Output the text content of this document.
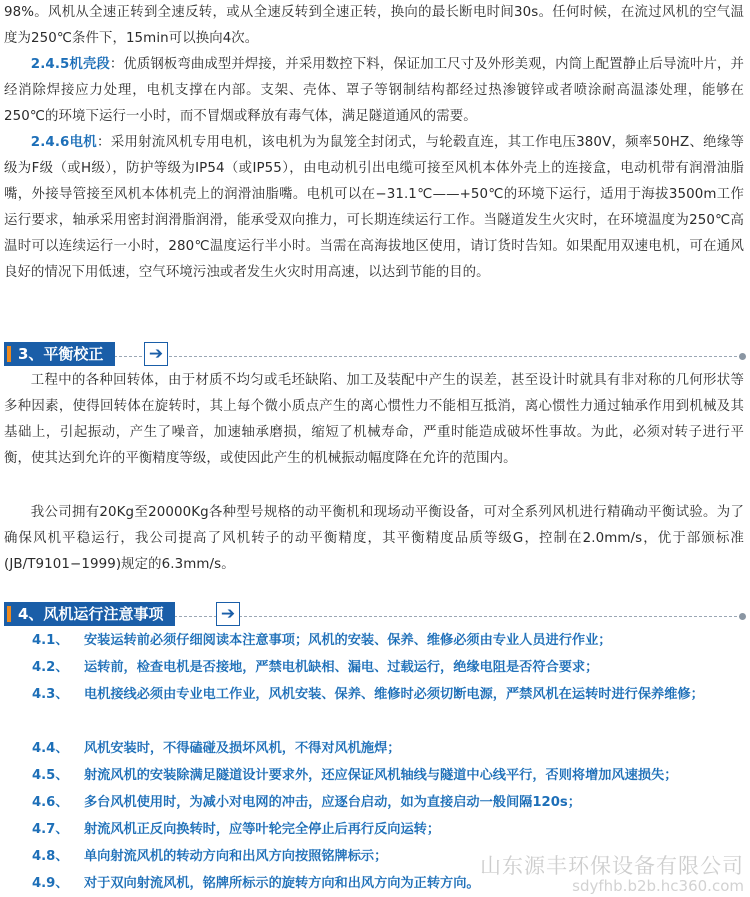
98%。风机从全速正转到全速反转，或从全速反转到全速正转，换向的最长断电时间30s。任何时候，在流过风机的空气温度为250℃条件下，15min可以换向4次。

2.4.5机壳段：优质钢板弯曲成型并焊接，并采用数控下料，保证加工尺寸及外形美观，内筒上配置静止后导流叶片，并经消除焊接应力处理，电机支撑在内部。支架、壳体、罩子等钢制结构都经过热渗镀锌或者喷涂耐高温漆处理，能够在250℃的环境下运行一小时，而不冒烟或释放有毒气体，满足隧道通风的需要。

2.4.6电机：采用射流风机专用电机，该电机为为鼠笼全封闭式，与轮毂直连，其工作电压380V，频率50HZ、绝缘等级为F级（或H级），防护等级为IP54（或IP55），由电动机引出电缆可接至风机本体外壳上的连接盒，电动机带有润滑油脂嘴，外接导管接至风机本体机壳上的润滑油脂嘴。电机可以在−31.1℃——+50℃的环境下运行，适用于海拔3500m工作运行要求，轴承采用密封润滑脂润滑，能承受双向推力，可长期连续运行工作。当隧道发生火灾时，在环境温度为250℃高温时可以连续运行一小时，280℃温度运行半小时。当需在高海拔地区使用，请订货时告知。如果配用双速电机，可在通风良好的情况下用低速，空气环境污浊或者发生火灾时用高速，以达到节能的目的。

3、平衡校正	➔

工程中的各种回转体，由于材质不均匀或毛坯缺陷、加工及装配中产生的误差，甚至设计时就具有非对称的几何形状等多种因素，使得回转体在旋转时，其上每个微小质点产生的离心惯性力不能相互抵消，离心惯性力通过轴承作用到机械及其基础上，引起振动，产生了噪音，加速轴承磨损，缩短了机械寿命，严重时能造成破坏性事故。为此，必须对转子进行平衡，使其达到允许的平衡精度等级，或使因此产生的机械振动幅度降在允许的范围内。

我公司拥有20Kg至20000Kg各种型号规格的动平衡机和现场动平衡设备，可对全系列风机进行精确动平衡试验。为了确保风机平稳运行，我公司提高了风机转子的动平衡精度，其平衡精度品质等级G，控制在2.0mm/s，优于部颁标准(JB/T9101−1999)规定的6.3mm/s。

4、风机运行注意事项	➔

4.1、 安装运转前必须仔细阅读本注意事项；风机的安装、保养、维修必须由专业人员进行作业；

4.2、 运转前，检查电机是否接地，严禁电机缺相、漏电、过载运行，绝缘电阻是否符合要求；

4.3、 电机接线必须由专业电工作业，风机安装、保养、维修时必须切断电源，严禁风机在运转时进行保养维修；

4.4、 风机安装时，不得磕碰及损坏风机，不得对风机施焊；

4.5、 射流风机的安装除满足隧道设计要求外，还应保证风机轴线与隧道中心线平行，否则将增加风速损失；

4.6、 多台风机使用时，为减小对电网的冲击，应逐台启动，如为直接启动一般间隔120s；

4.7、 射流风机正反向换转时，应等叶轮完全停止后再行反向运转；

4.8、 单向射流风机的转动方向和出风方向按照铭牌标示；

4.9、 对于双向射流风机，铭牌所标示的旋转方向和出风方向为正转方向。

山东源丰环保设备有限公司
sdyfhb.b2b.hc360.com
